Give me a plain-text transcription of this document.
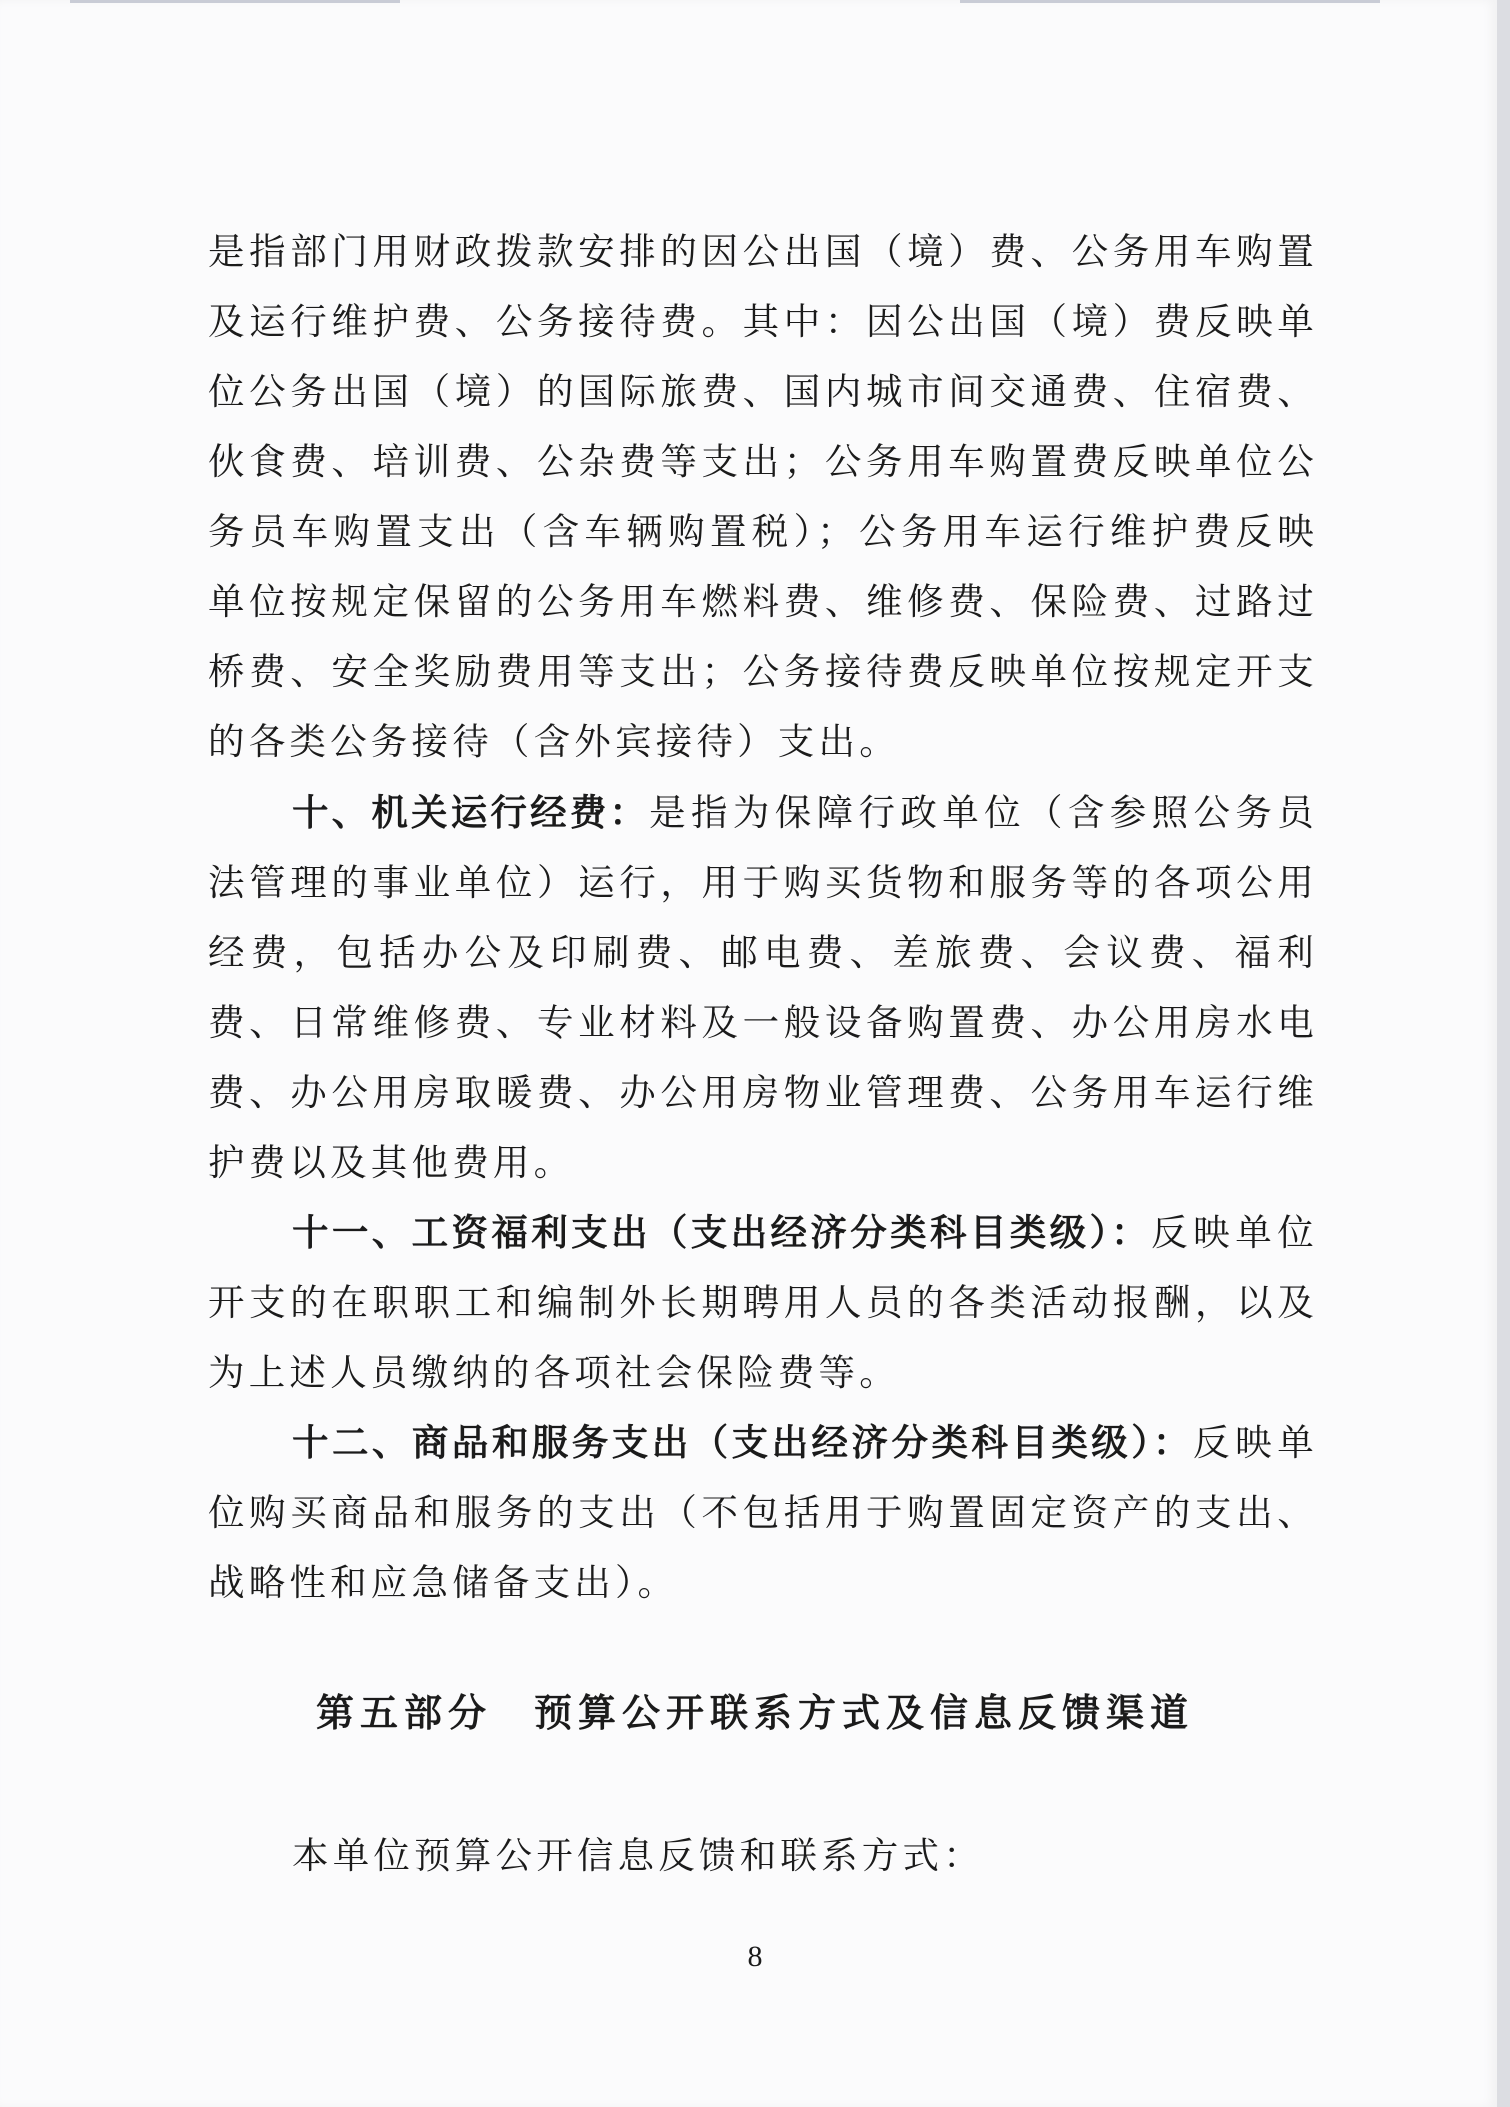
是指部门用财政拨款安排的因公出国（境）费、公务用车购置及运行维护费、公务接待费。其中：因公出国（境）费反映单位公务出国（境）的国际旅费、国内城市间交通费、住宿费、伙食费、培训费、公杂费等支出；公务用车购置费反映单位公务员车购置支出（含车辆购置税）；公务用车运行维护费反映单位按规定保留的公务用车燃料费、维修费、保险费、过路过桥费、安全奖励费用等支出；公务接待费反映单位按规定开支的各类公务接待（含外宾接待）支出。

十、机关运行经费：是指为保障行政单位（含参照公务员法管理的事业单位）运行，用于购买货物和服务等的各项公用经费，包括办公及印刷费、邮电费、差旅费、会议费、福利费、日常维修费、专业材料及一般设备购置费、办公用房水电费、办公用房取暖费、办公用房物业管理费、公务用车运行维护费以及其他费用。

十一、工资福利支出（支出经济分类科目类级）：反映单位开支的在职职工和编制外长期聘用人员的各类活动报酬，以及为上述人员缴纳的各项社会保险费等。

十二、商品和服务支出（支出经济分类科目类级）：反映单位购买商品和服务的支出（不包括用于购置固定资产的支出、战略性和应急储备支出）。

第五部分 预算公开联系方式及信息反馈渠道

本单位预算公开信息反馈和联系方式：

8
